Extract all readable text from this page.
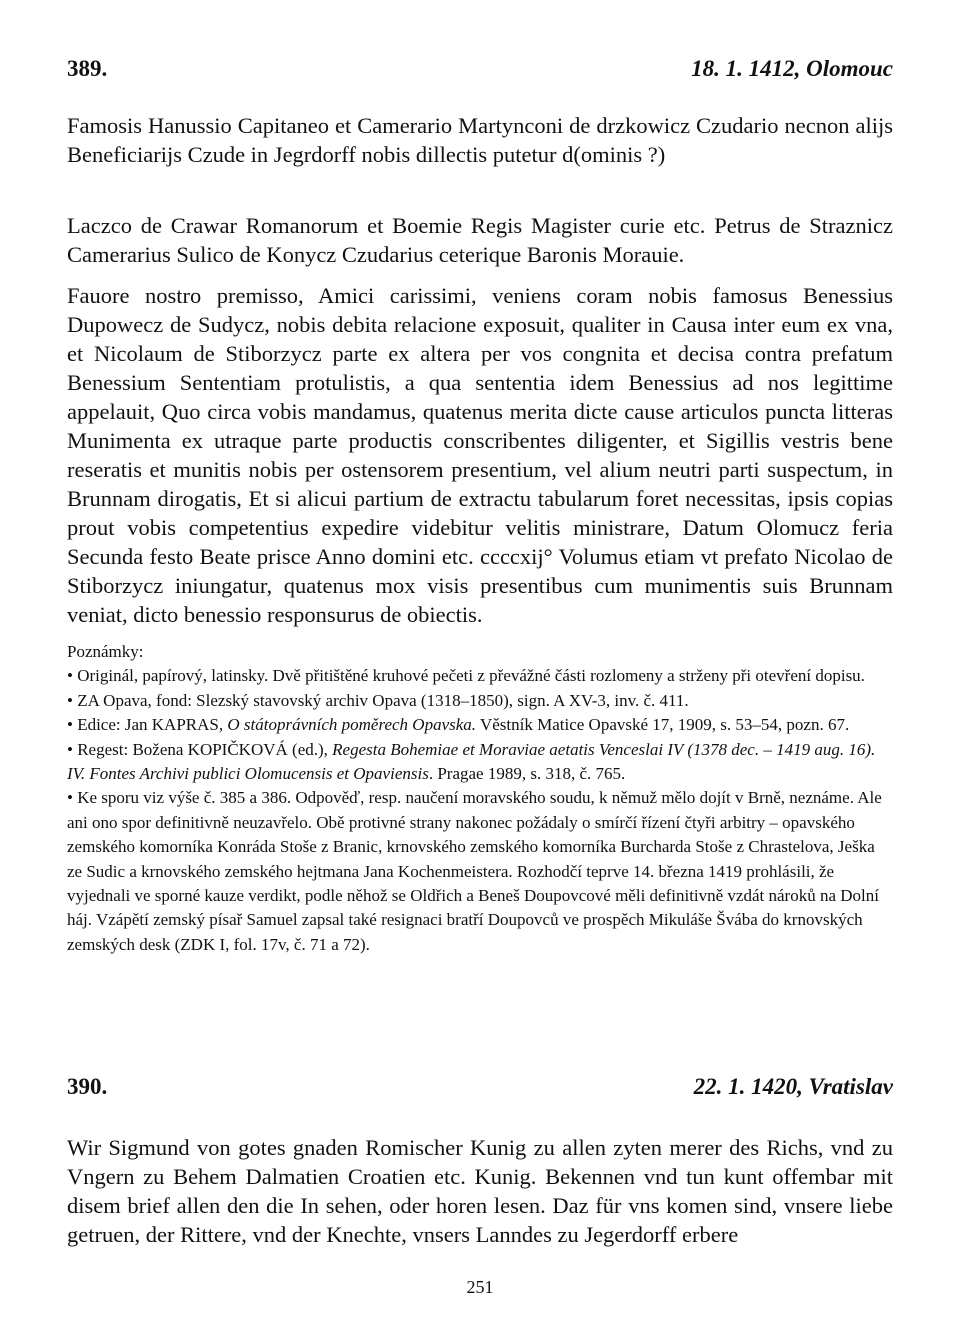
389.	18. 1. 1412, Olomouc

Famosis Hanussio Capitaneo et Camerario Martynconi de drzkowicz Czudario necnon alijs Beneficiarijs Czude in Jegrdorff nobis dillectis putetur d(ominis ?)

Laczco de Crawar Romanorum et Boemie Regis Magister curie etc. Petrus de Straznicz Camerarius Sulico de Konycz Czudarius ceterique Baronis Morauie.

Fauore nostro premisso, Amici carissimi, veniens coram nobis famosus Benessius Dupowecz de Sudycz, nobis debita relacione exposuit, qualiter in Causa inter eum ex vna, et Nicolaum de Stiborzycz parte ex altera per vos congnita et decisa contra prefatum Benessium Sententiam protulistis, a qua sententia idem Benessius ad nos legittime appelauit, Quo circa vobis mandamus, quatenus merita dicte cause articulos puncta litteras Munimenta ex utraque parte productis conscribentes diligenter, et Sigillis vestris bene reseratis et munitis nobis per ostensorem presentium, vel alium neutri parti suspectum, in Brunnam dirogatis, Et si alicui partium de extractu tabularum foret necessitas, ipsis copias prout vobis competentius expedire videbitur velitis ministrare, Datum Olomucz feria Secunda festo Beate prisce Anno domini etc. ccccxij° Volumus etiam vt prefato Nicolao de Stiborzycz iniungatur, quatenus mox visis presentibus cum munimentis suis Brunnam veniat, dicto benessio responsurus de obiectis.

Poznámky:

• Originál, papírový, latinsky. Dvě přitištěné kruhové pečeti z převážné části rozlomeny a strženy při otevření dopisu.

• ZA Opava, fond: Slezský stavovský archiv Opava (1318–1850), sign. A XV-3, inv. č. 411.

• Edice: Jan KAPRAS, O státoprávních poměrech Opavska. Věstník Matice Opavské 17, 1909, s. 53–54, pozn. 67.

• Regest: Božena KOPIČKOVÁ (ed.), Regesta Bohemiae et Moraviae aetatis Venceslai IV (1378 dec. – 1419 aug. 16). IV. Fontes Archivi publici Olomucensis et Opaviensis. Pragae 1989, s. 318, č. 765.

• Ke sporu viz výše č. 385 a 386. Odpověď, resp. naučení moravského soudu, k němuž mělo dojít v Brně, neznáme. Ale ani ono spor definitivně neuzavřelo. Obě protivné strany nakonec požádaly o smírčí řízení čtyři arbitry – opavského zemského komorníka Konráda Stoše z Branic, krnovského zemského komorníka Burcharda Stoše z Chrastelova, Ješka ze Sudic a krnovského zemského hejtmana Jana Kochenmeistera. Rozhodčí teprve 14. března 1419 prohlásili, že vyjednali ve sporné kauze verdikt, podle něhož se Oldřich a Beneš Doupovcové měli definitivně vzdát nároků na Dolní háj. Vzápětí zemský písař Samuel zapsal také resignaci bratří Doupovců ve prospěch Mikuláše Švába do krnovských zemských desk (ZDK I, fol. 17v, č. 71 a 72).

390.	22. 1. 1420, Vratislav

Wir Sigmund von gotes gnaden Romischer Kunig zu allen zyten merer des Richs, vnd zu Vngern zu Behem Dalmatien Croatien etc. Kunig. Bekennen vnd tun kunt offembar mit disem brief allen den die In sehen, oder horen lesen. Daz für vns komen sind, vnsere liebe getruen, der Rittere, vnd der Knechte, vnsers Lanndes zu Jegerdorff erbere

251
